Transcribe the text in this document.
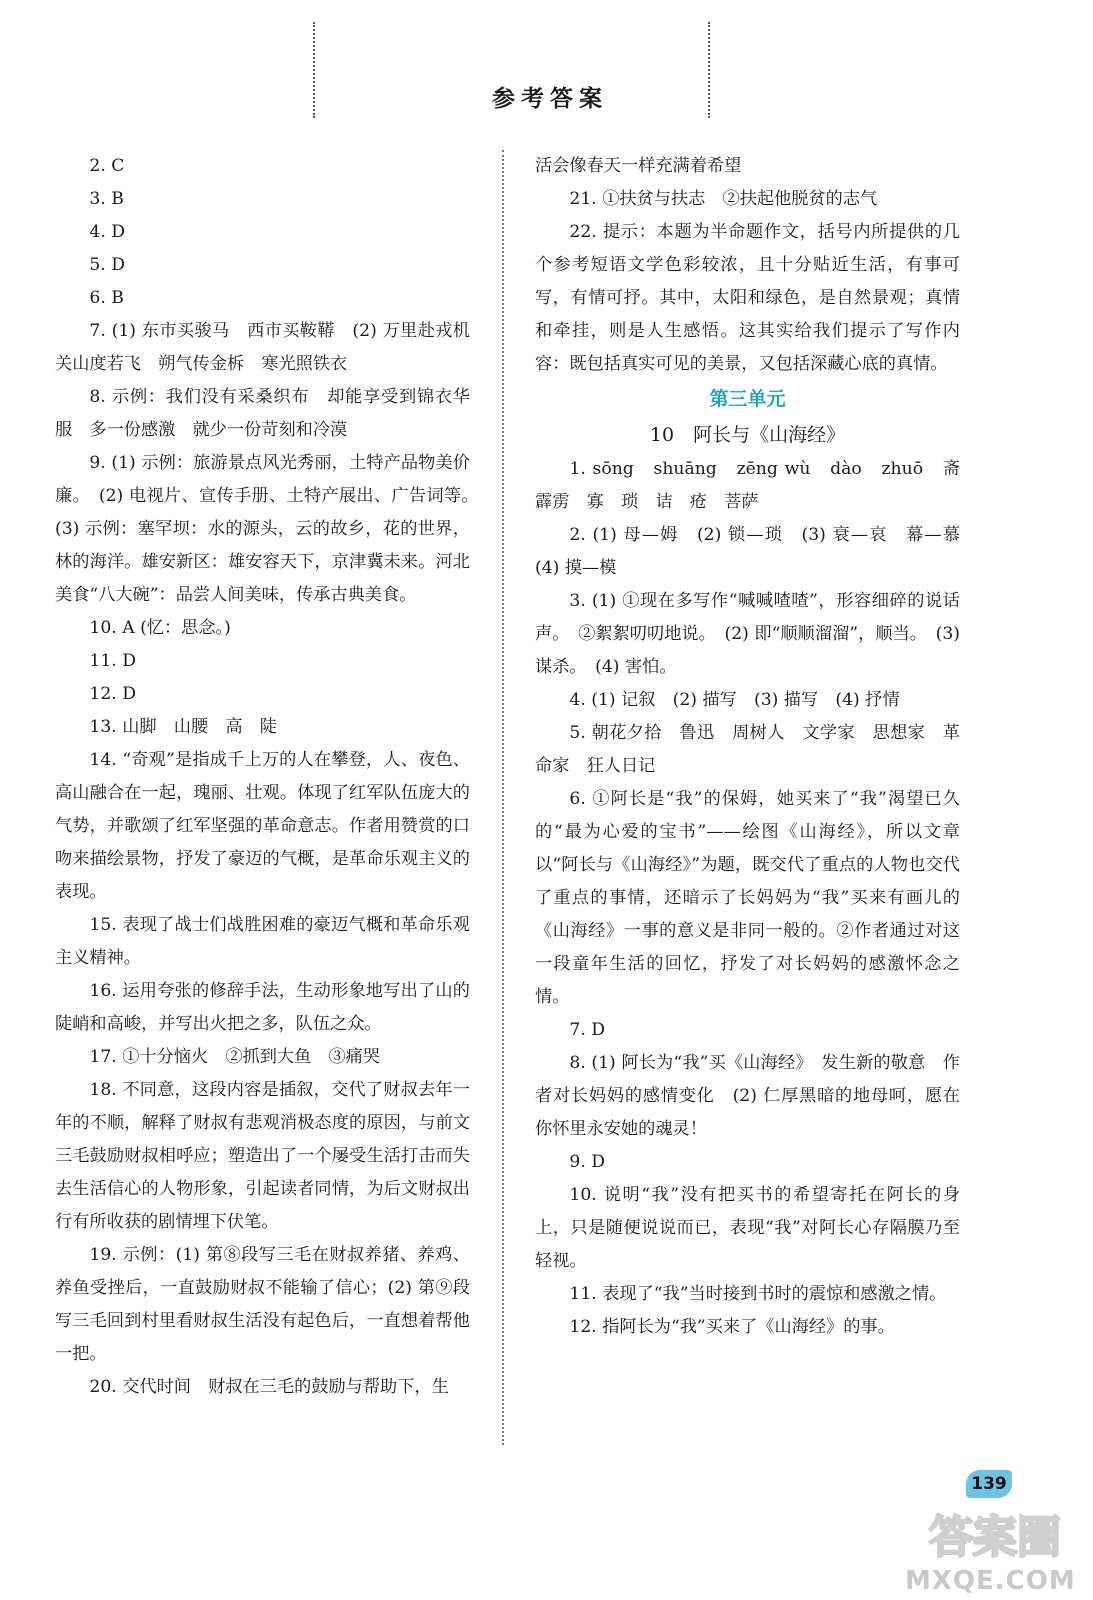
参考答案

2. C

3. B

4. D

5. D

6. B

7. (1) 东市买骏马　西市买鞍鞯　(2) 万里赴戎机　关山度若飞　朔气传金柝　寒光照铁衣

8. 示例：我们没有采桑织布　却能享受到锦衣华服　多一份感激　就少一份苛刻和冷漠

9. (1) 示例：旅游景点风光秀丽，土特产品物美价廉。　(2) 电视片、宣传手册、土特产展出、广告词等。　(3) 示例：塞罕坝：水的源头，云的故乡，花的世界，林的海洋。雄安新区：雄安容天下，京津冀未来。河北美食“八大碗”：品尝人间美味，传承古典美食。

10. A (忆：思念。)

11. D

12. D

13. 山脚　山腰　高　陡

14. “奇观”是指成千上万的人在攀登，人、夜色、高山融合在一起，瑰丽、壮观。体现了红军队伍庞大的气势，并歌颂了红军坚强的革命意志。作者用赞赏的口吻来描绘景物，抒发了豪迈的气概，是革命乐观主义的表现。

15. 表现了战士们战胜困难的豪迈气概和革命乐观主义精神。

16. 运用夸张的修辞手法，生动形象地写出了山的陡峭和高峻，并写出火把之多，队伍之众。

17. ①十分恼火　②抓到大鱼　③痛哭

18. 不同意，这段内容是插叙，交代了财叔去年一年的不顺，解释了财叔有悲观消极态度的原因，与前文三毛鼓励财叔相呼应；塑造出了一个屡受生活打击而失去生活信心的人物形象，引起读者同情，为后文财叔出行有所收获的剧情埋下伏笔。

19. 示例：(1) 第⑧段写三毛在财叔养猪、养鸡、养鱼受挫后，一直鼓励财叔不能输了信心；(2) 第⑨段写三毛回到村里看财叔生活没有起色后，一直想着帮他一把。

20. 交代时间　财叔在三毛的鼓励与帮助下，生

活会像春天一样充满着希望

21. ①扶贫与扶志　②扶起他脱贫的志气

22. 提示：本题为半命题作文，括号内所提供的几个参考短语文学色彩较浓，且十分贴近生活，有事可写，有情可抒。其中，太阳和绿色，是自然景观；真情和牵挂，则是人生感悟。这其实给我们提示了写作内容：既包括真实可见的美景，又包括深藏心底的真情。

第三单元

10　阿长与《山海经》

1. sōng　shuāng　zēng wù　dào　zhuō　斋　霹雳　寡　琐　诘　疮　菩萨

2. (1) 母—姆　(2) 锁—琐　(3) 衰—哀　幕—慕　(4) 摸—模

3. (1) ①现在多写作“喊喊喳喳”，形容细碎的说话声。　②絮絮叨叨地说。　(2) 即“顺顺溜溜”，顺当。　(3) 谋杀。　(4) 害怕。

4. (1) 记叙　(2) 描写　(3) 描写　(4) 抒情

5. 朝花夕拾　鲁迅　周树人　文学家　思想家　革命家　狂人日记

6. ①阿长是“我”的保姆，她买来了“我”渴望已久的“最为心爱的宝书”——绘图《山海经》，所以文章以“阿长与《山海经》”为题，既交代了重点的人物也交代了重点的事情，还暗示了长妈妈为“我”买来有画儿的《山海经》一事的意义是非同一般的。②作者通过对这一段童年生活的回忆，抒发了对长妈妈的感激怀念之情。

7. D

8. (1) 阿长为“我”买《山海经》　发生新的敬意　作者对长妈妈的感情变化　(2) 仁厚黑暗的地母呵，愿在你怀里永安她的魂灵！

9. D

10. 说明“我”没有把买书的希望寄托在阿长的身上，只是随便说说而已，表现“我”对阿长心存隔膜乃至轻视。

11. 表现了“我”当时接到书时的震惊和感激之情。

12. 指阿长为“我”买来了《山海经》的事。

139
答案圈
MXQE.COM
